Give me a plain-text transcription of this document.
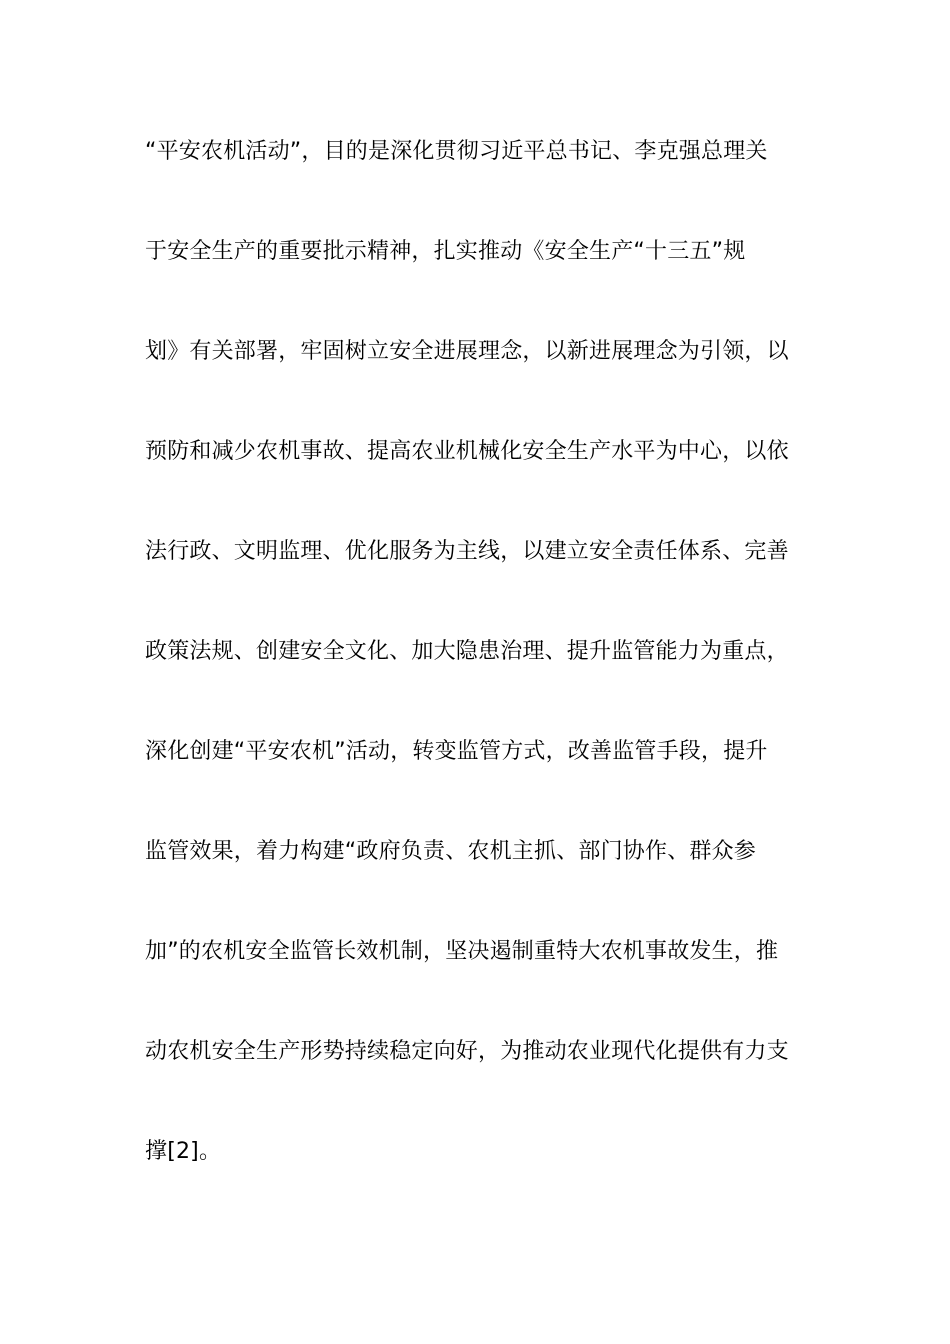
“平安农机活动”，目的是深化贯彻习近平总书记、李克强总理关
于安全生产的重要批示精神，扎实推动《安全生产“十三五”规
划》有关部署，牢固树立安全进展理念，以新进展理念为引领，以
预防和减少农机事故、提高农业机械化安全生产水平为中心，以依
法行政、文明监理、优化服务为主线，以建立安全责任体系、完善
政策法规、创建安全文化、加大隐患治理、提升监管能力为重点，
深化创建“平安农机”活动，转变监管方式，改善监管手段，提升
监管效果，着力构建“政府负责、农机主抓、部门协作、群众参
加”的农机安全监管长效机制，坚决遏制重特大农机事故发生，推
动农机安全生产形势持续稳定向好，为推动农业现代化提供有力支
撑[2]。
